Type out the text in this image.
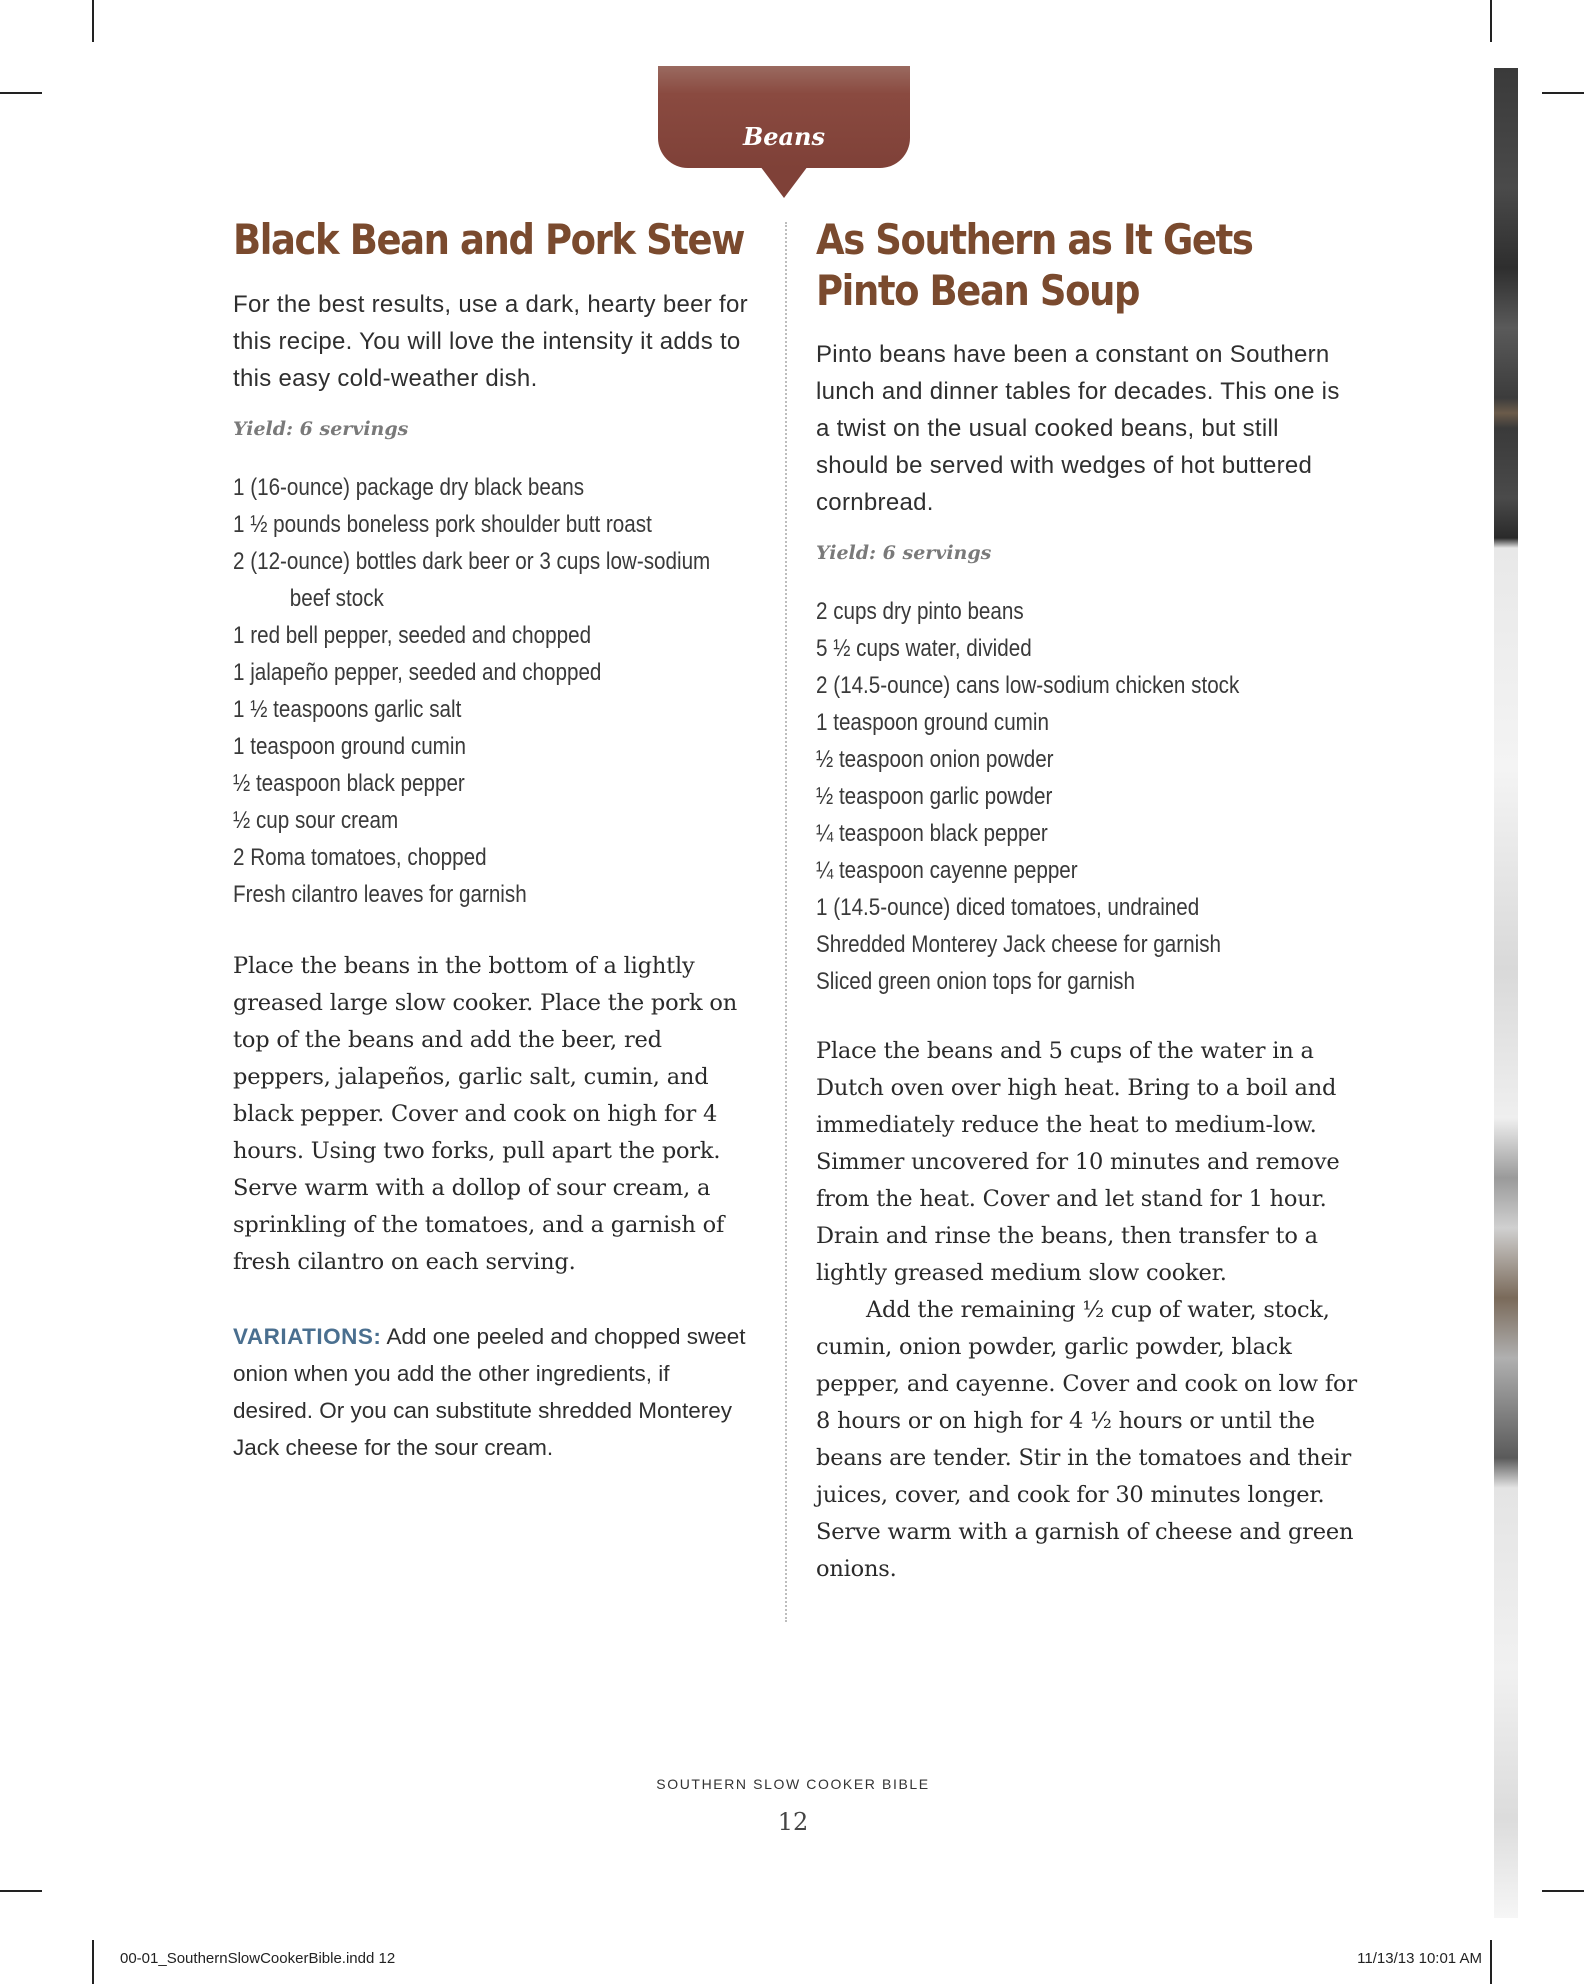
Beans
Black Bean and Pork Stew
For the best results, use a dark, hearty beer for this recipe. You will love the intensity it adds to this easy cold-weather dish.
Yield: 6 servings
1 (16-ounce) package dry black beans
1 ½ pounds boneless pork shoulder butt roast
2 (12-ounce) bottles dark beer or 3 cups low-sodium
beef stock
1 red bell pepper, seeded and chopped
1 jalapeño pepper, seeded and chopped
1 ½ teaspoons garlic salt
1 teaspoon ground cumin
½ teaspoon black pepper
½ cup sour cream
2 Roma tomatoes, chopped
Fresh cilantro leaves for garnish

Place the beans in the bottom of a lightly greased large slow cooker. Place the pork on top of the beans and add the beer, red peppers, jalapeños, garlic salt, cumin, and black pepper. Cover and cook on high for 4 hours. Using two forks, pull apart the pork. Serve warm with a dollop of sour cream, a sprinkling of the tomatoes, and a garnish of fresh cilantro on each serving.

VARIATIONS: Add one peeled and chopped sweet onion when you add the other ingredients, if desired. Or you can substitute shredded Monterey Jack cheese for the sour cream.
As Southern as It Gets
Pinto Bean Soup
Pinto beans have been a constant on Southern lunch and dinner tables for decades. This one is a twist on the usual cooked beans, but still should be served with wedges of hot buttered cornbread.
Yield: 6 servings
2 cups dry pinto beans
5 ½ cups water, divided
2 (14.5-ounce) cans low-sodium chicken stock
1 teaspoon ground cumin
½ teaspoon onion powder
½ teaspoon garlic powder
¼ teaspoon black pepper
¼ teaspoon cayenne pepper
1 (14.5-ounce) diced tomatoes, undrained
Shredded Monterey Jack cheese for garnish
Sliced green onion tops for garnish

Place the beans and 5 cups of the water in a Dutch oven over high heat. Bring to a boil and immediately reduce the heat to medium-low. Simmer uncovered for 10 minutes and remove from the heat. Cover and let stand for 1 hour. Drain and rinse the beans, then transfer to a lightly greased medium slow cooker.

Add the remaining ½ cup of water, stock, cumin, onion powder, garlic powder, black pepper, and cayenne. Cover and cook on low for 8 hours or on high for 4 ½ hours or until the beans are tender. Stir in the tomatoes and their juices, cover, and cook for 30 minutes longer. Serve warm with a garnish of cheese and green onions.

SOUTHERN SLOW COOKER BIBLE
12
00-01_SouthernSlowCookerBible.indd 12	11/13/13 10:01 AM
